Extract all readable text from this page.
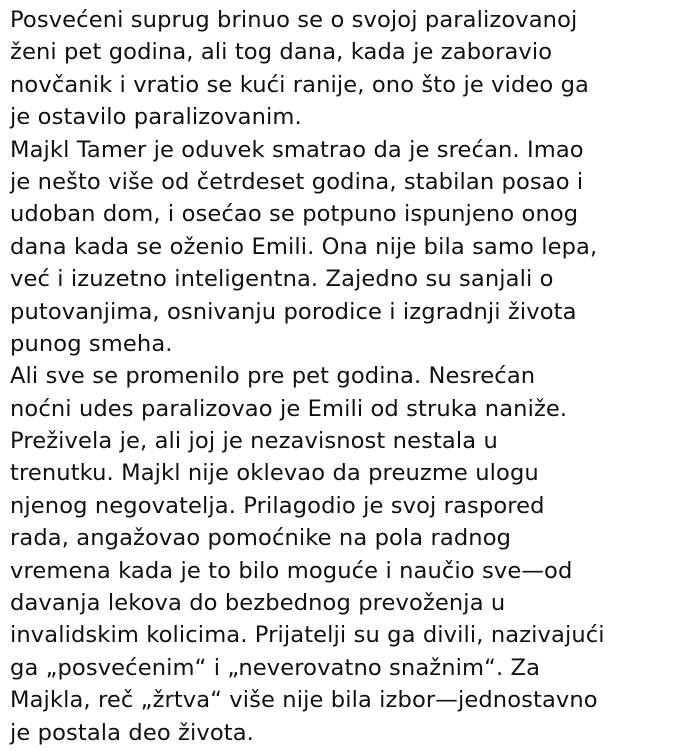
Posvećeni suprug brinuo se o svojoj paralizovanoj
ženi pet godina, ali tog dana, kada je zaboravio
novčanik i vratio se kući ranije, ono što je video ga
je ostavilo paralizovanim.
Majkl Tamer je oduvek smatrao da je srećan. Imao
je nešto više od četrdeset godina, stabilan posao i
udoban dom, i osećao se potpuno ispunjeno onog
dana kada se oženio Emili. Ona nije bila samo lepa,
već i izuzetno inteligentna. Zajedno su sanjali o
putovanjima, osnivanju porodice i izgradnji života
punog smeha.
Ali sve se promenilo pre pet godina. Nesrećan
noćni udes paralizovao je Emili od struka naniže.
Preživela je, ali joj je nezavisnost nestala u
trenutku. Majkl nije oklevao da preuzme ulogu
njenog negovatelja. Prilagodio je svoj raspored
rada, angažovao pomoćnike na pola radnog
vremena kada je to bilo moguće i naučio sve—od
davanja lekova do bezbednog prevoženja u
invalidskim kolicima. Prijatelji su ga divili, nazivajući
ga „posvećenim“ i „neverovatno snažnim“. Za
Majkla, reč „žrtva“ više nije bila izbor—jednostavno
je postala deo života.
